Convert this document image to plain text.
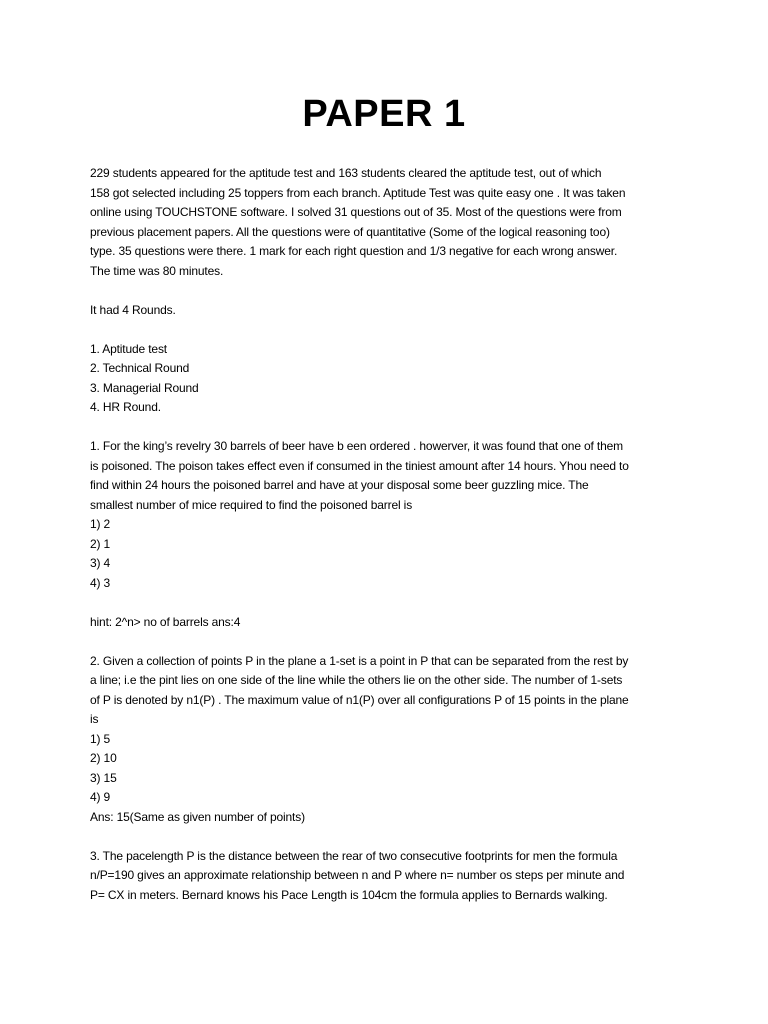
PAPER 1
229 students appeared for the aptitude test and 163 students cleared the aptitude test, out of which
158 got selected including 25 toppers from each branch. Aptitude Test was quite easy one . It was taken
online using TOUCHSTONE software. I solved 31 questions out of 35. Most of the questions were from
previous placement papers. All the questions were of quantitative (Some of the logical reasoning too)
type. 35 questions were there. 1 mark for each right question and 1/3 negative for each wrong answer.
The time was 80 minutes.
It had 4 Rounds.
1. Aptitude test
2. Technical Round
3. Managerial Round
4. HR Round.
1. For the king’s revelry 30 barrels of beer have b een ordered . howerver, it was found that one of them
is poisoned. The poison takes effect even if consumed in the tiniest amount after 14 hours. Yhou need to
find within 24 hours the poisoned barrel and have at your disposal some beer guzzling mice. The
smallest number of mice required to find the poisoned barrel is
1) 2
2) 1
3) 4
4) 3
hint: 2^n> no of barrels ans:4
2. Given a collection of points P in the plane a 1-set is a point in P that can be separated from the rest by
a line; i.e the pint lies on one side of the line while the others lie on the other side. The number of 1-sets
of P is denoted by n1(P) . The maximum value of n1(P) over all configurations P of 15 points in the plane
is
1) 5
2) 10
3) 15
4) 9
Ans: 15(Same as given number of points)
3. The pacelength P is the distance between the rear of two consecutive footprints for men the formula
n/P=190 gives an approximate relationship between n and P where n= number os steps per minute and
P= CX in meters. Bernard knows his Pace Length is 104cm the formula applies to Bernards walking.
